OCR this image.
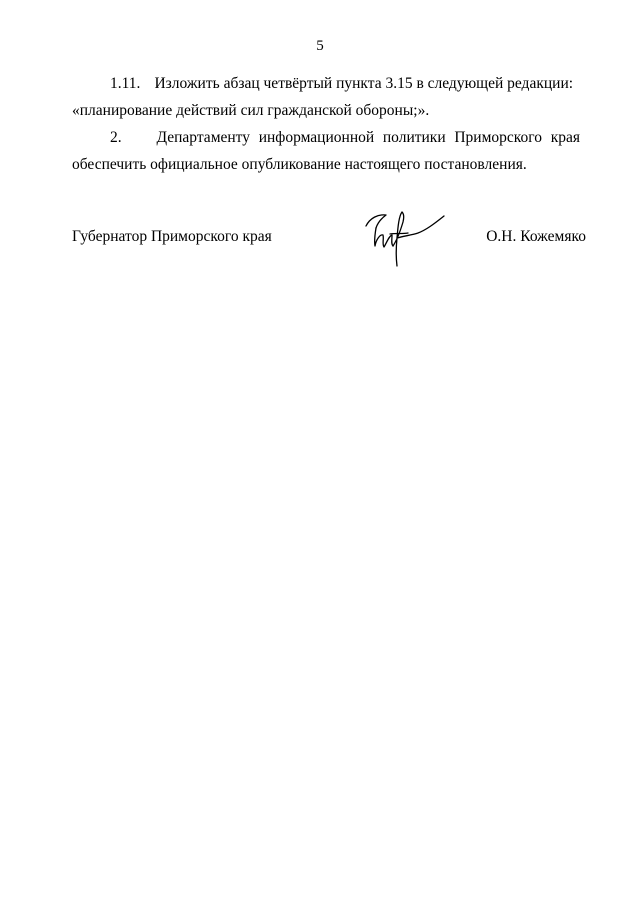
5
1.11. Изложить абзац четвёртый пункта 3.15 в следующей редакции:
«планирование действий сил гражданской обороны;».
2. Департаменту информационной политики Приморского края
обеспечить официальное опубликование настоящего постановления.
Губернатор Приморского края	О.Н. Кожемяко
